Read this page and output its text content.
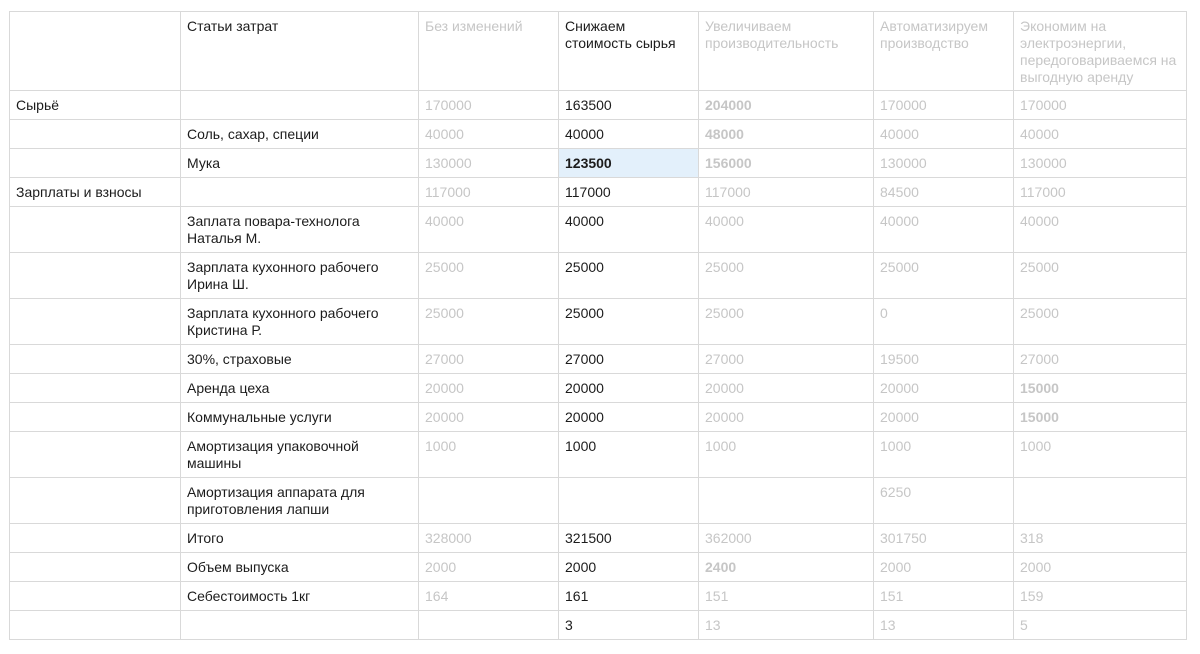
	Статьи затрат	Без изменений	Снижаем стоимость сырья	Увеличиваем производительность	Автоматизируем производство	Экономим на электроэнергии, передоговариваемся на выгодную аренду
Сырьё		170000	163500	204000	170000	170000
	Соль, сахар, специи	40000	40000	48000	40000	40000
	Мука	130000	123500	156000	130000	130000
Зарплаты и взносы		117000	117000	117000	84500	117000
	Заплата повара-технолога Наталья М.	40000	40000	40000	40000	40000
	Зарплата кухонного рабочего Ирина Ш.	25000	25000	25000	25000	25000
	Зарплата кухонного рабочего Кристина Р.	25000	25000	25000	0	25000
	30%, страховые	27000	27000	27000	19500	27000
	Аренда цеха	20000	20000	20000	20000	15000
	Коммунальные услуги	20000	20000	20000	20000	15000
	Амортизация упаковочной машины	1000	1000	1000	1000	1000
	Амортизация аппарата для приготовления лапши				6250	
	Итого	328000	321500	362000	301750	318
	Объем выпуска	2000	2000	2400	2000	2000
	Себестоимость 1кг	164	161	151	151	159
			3	13	13	5
